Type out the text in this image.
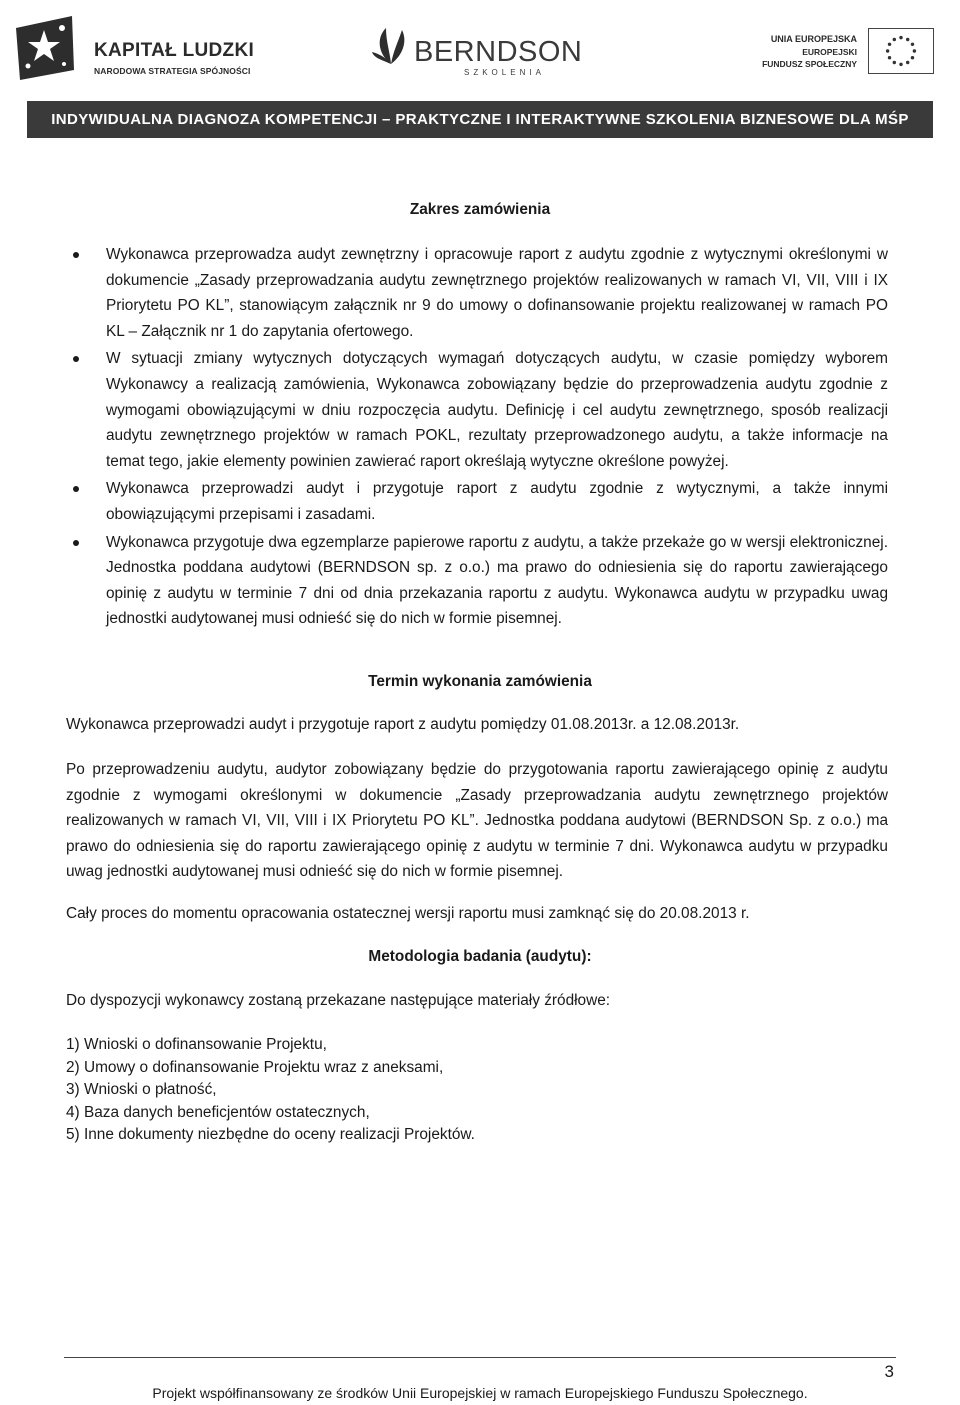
KAPITAŁ LUDZKI
NARODOWA STRATEGIA SPÓJNOŚCI
BERNDSON
SZKOLENIA
UNIA EUROPEJSKA
EUROPEJSKI
FUNDUSZ SPOŁECZNY
INDYWIDUALNA DIAGNOZA KOMPETENCJI – PRAKTYCZNE I INTERAKTYWNE SZKOLENIA BIZNESOWE DLA MŚP
Zakres zamówienia
Wykonawca przeprowadza audyt zewnętrzny i opracowuje raport z audytu zgodnie z wytycznymi określonymi w dokumencie „Zasady przeprowadzania audytu zewnętrznego projektów realizowanych w ramach VI, VII, VIII i IX Priorytetu PO KL”, stanowiącym załącznik nr 9 do umowy o dofinansowanie projektu realizowanej w ramach PO KL – Załącznik nr 1 do zapytania ofertowego.
W sytuacji zmiany wytycznych dotyczących wymagań dotyczących audytu, w czasie pomiędzy wyborem Wykonawcy a realizacją zamówienia, Wykonawca zobowiązany będzie do przeprowadzenia audytu zgodnie z wymogami obowiązującymi w dniu rozpoczęcia audytu. Definicję i cel audytu zewnętrznego, sposób realizacji audytu zewnętrznego projektów w ramach POKL, rezultaty przeprowadzonego audytu, a także informacje na temat tego, jakie elementy powinien zawierać raport określają wytyczne określone powyżej.
Wykonawca przeprowadzi audyt i przygotuje raport z audytu zgodnie z wytycznymi, a także innymi obowiązującymi przepisami i zasadami.
Wykonawca przygotuje dwa egzemplarze papierowe raportu z audytu, a także przekaże go w wersji elektronicznej. Jednostka poddana audytowi (BERNDSON sp. z o.o.) ma prawo do odniesienia się do raportu zawierającego opinię z audytu w terminie 7 dni od dnia przekazania raportu z audytu. Wykonawca audytu w przypadku uwag jednostki audytowanej musi odnieść się do nich w formie pisemnej.
Termin wykonania zamówienia

Wykonawca przeprowadzi audyt i przygotuje raport z audytu pomiędzy 01.08.2013r. a 12.08.2013r.

Po przeprowadzeniu audytu, audytor zobowiązany będzie do przygotowania raportu zawierającego opinię z audytu zgodnie z wymogami określonymi w dokumencie „Zasady przeprowadzania audytu zewnętrznego projektów realizowanych w ramach VI, VII, VIII i IX Priorytetu PO KL”. Jednostka poddana audytowi (BERNDSON Sp. z o.o.) ma prawo do odniesienia się do raportu zawierającego opinię z audytu w terminie 7 dni. Wykonawca audytu w przypadku uwag jednostki audytowanej musi odnieść się do nich w formie pisemnej.

Cały proces do momentu opracowania ostatecznej wersji raportu musi zamknąć się do 20.08.2013 r.

Metodologia badania (audytu):

Do dyspozycji wykonawcy zostaną przekazane następujące materiały źródłowe:

1) Wnioski o dofinansowanie Projektu,
2) Umowy o dofinansowanie Projektu wraz z aneksami,
3) Wnioski o płatność,
4) Baza danych beneficjentów ostatecznych,
5) Inne dokumenty niezbędne do oceny realizacji Projektów.
3
Projekt współfinansowany ze środków Unii Europejskiej w ramach Europejskiego Funduszu Społecznego.
